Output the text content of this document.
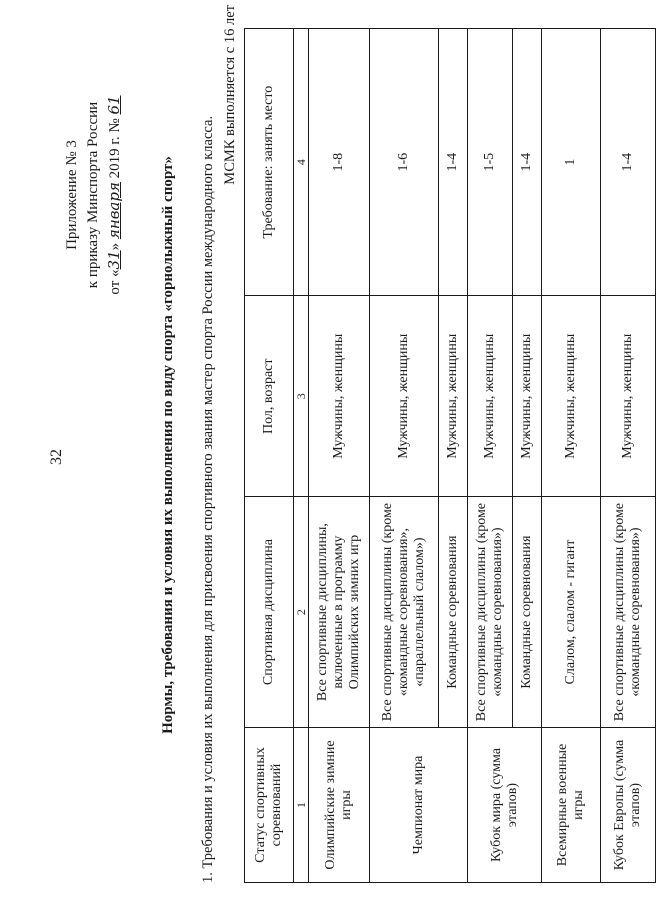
32
Приложение № 3 к приказу Минспорта России от «31» января 2019 г. № 61
Нормы, требования и условия их выполнения по виду спорта «горнолыжный спорт» 1. Требования и условия их выполнения для присвоения спортивного звания мастер спорта России международного класса.
МСМК выполняется с 16 лет
Статус спортивных соревнований	Спортивная дисциплина	Пол, возраст	Требование: занять место
1	2	3	4
Олимпийские зимние игры	Все спортивные дисциплины, включенные в программу Олимпийских зимних игр	Мужчины, женщины	1-8
Чемпионат мира	Все спортивные дисциплины (кроме «командные соревнования», «параллельный слалом»)	Мужчины, женщины	1-6
	Командные соревнования	Мужчины, женщины	1-4
Кубок мира (сумма этапов)	Все спортивные дисциплины (кроме «командные соревнования»)	Мужчины, женщины	1-5
	Командные соревнования	Мужчины, женщины	1-4
Всемирные военные игры	Слалом, слалом - гигант	Мужчины, женщины	1
Кубок Европы (сумма этапов)	Все спортивные дисциплины (кроме «командные соревнования»)	Мужчины, женщины	1-4
